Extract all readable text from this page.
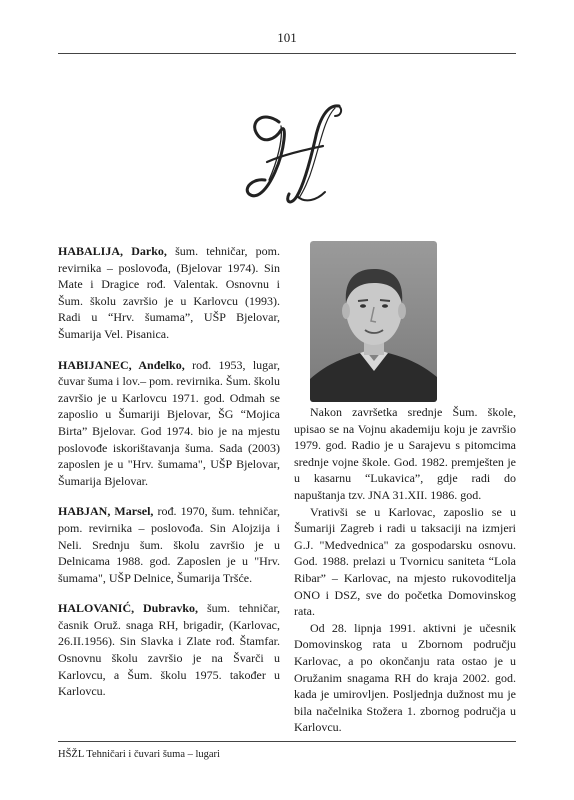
101
HABALIJA, Darko, šum. tehničar, pom. revirnika – poslovođa, (Bjelovar 1974). Sin Mate i Dragice rođ. Valentak. Osnovnu i Šum. školu završio je u Karlovcu (1993). Radi u “Hrv. šumama”, UŠP Bjelovar, Šumarija Vel. Pisanica.
HABIJANEC, Anđelko, rođ. 1953, lugar, čuvar šuma i lov.– pom. revirnika. Šum. školu završio je u Karlovcu 1971. god. Odmah se zaposlio u Šumariji Bjelovar, ŠG “Mojica Birta” Bjelovar. God 1974. bio je na mjestu poslovođe iskorištavanja šuma. Sada (2003) zaposlen je u "Hrv. šumama", UŠP Bjelovar, Šumarija Bjelovar.
HABJAN, Marsel, rođ. 1970, šum. tehničar, pom. revirnika – poslovođa. Sin Alojzija i Neli. Srednju šum. školu završio je u Delnicama 1988. god. Zaposlen je u "Hrv. šumama", UŠP Delnice, Šumarija Tršće.
HALOVANIĆ, Dubravko, šum. tehničar, časnik Oruž. snaga RH, brigadir, (Karlovac, 26.II.1956). Sin Slavka i Zlate rođ. Štamfar. Osnovnu školu završio je na Švarči u Karlovcu, a Šum. školu 1975. također u Karlovcu.

Nakon završetka srednje Šum. škole, upisao se na Vojnu akademiju koju je završio 1979. god. Radio je u Sarajevu s pitomcima srednje vojne škole. God. 1982. premješten je u kasarnu “Lukavica”, gdje radi do napuštanja tzv. JNA 31.XII. 1986. god.

Vrativši se u Karlovac, zaposlio se u Šumariji Zagreb i radi u taksaciji na izmjeri G.J. "Medvednica" za gospodarsku osnovu. God. 1988. prelazi u Tvornicu saniteta “Lola Ribar” – Karlovac, na mjesto rukovoditelja ONO i DSZ, sve do početka Domovinskog rata.

Od 28. lipnja 1991. aktivni je učesnik Domovinskog rata u Zbornom području Karlovac, a po okončanju rata ostao je u Oružanim snagama RH do kraja 2002. god. kada je umirovljen. Posljednja dužnost mu je bila načelnika Stožera 1. zbornog područja u Karlovcu.

HŠŽL Tehničari i čuvari šuma – lugari
